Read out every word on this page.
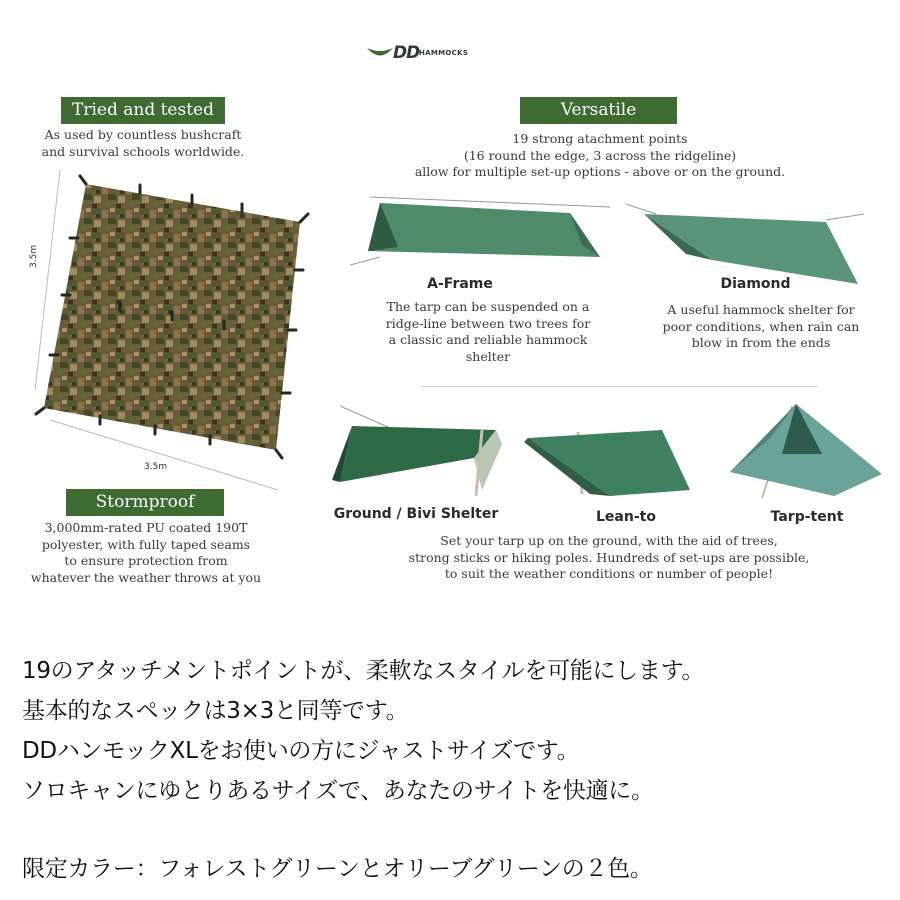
DD HAMMOCKS
Tried and tested
As used by countless bushcraft
and survival schools worldwide.
3.5m
3.5m
Stormproof
3,000mm-rated PU coated 190T
polyester, with fully taped seams
to ensure protection from
whatever the weather throws at you
Versatile
19 strong atachment points
(16 round the edge, 3 across the ridgeline)
allow for multiple set-up options - above or on the ground.
A-Frame
The tarp can be suspended on a
ridge-line between two trees for
a classic and reliable hammock
shelter
Diamond
A useful hammock shelter for
poor conditions, when rain can
blow in from the ends
Ground / Bivi Shelter	Lean-to	Tarp-tent
Set your tarp up on the ground, with the aid of trees,
strong sticks or hiking poles. Hundreds of set-ups are possible,
to suit the weather conditions or number of people!
19のアタッチメントポイントが、柔軟なスタイルを可能にします。
基本的なスペックは3×3と同等です。
DDハンモックXLをお使いの方にジャストサイズです。
ソロキャンにゆとりあるサイズで、あなたのサイトを快適に。
限定カラー：フォレストグリーンとオリーブグリーンの２色。
